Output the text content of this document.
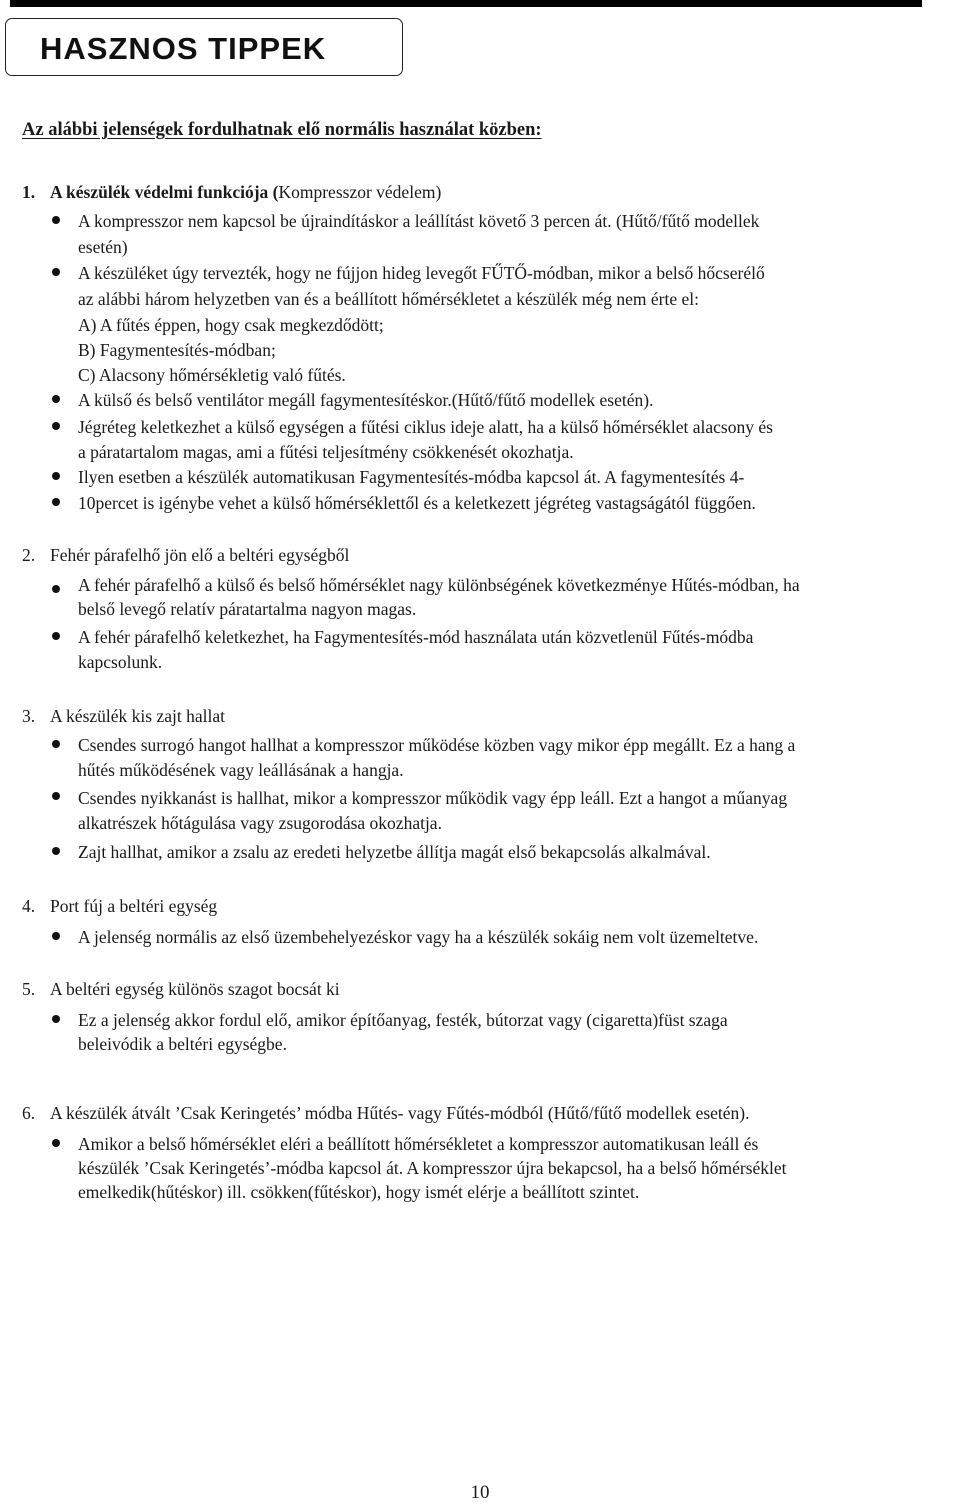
HASZNOS TIPPEK
Az alábbi jelenségek fordulhatnak elő normális használat közben:
1. A készülék védelmi funkciója (Kompresszor védelem)
A kompresszor nem kapcsol be újraindításkor a leállítást követő 3 percen át. (Hűtő/fűtő modellek
esetén)
A készüléket úgy tervezték, hogy ne fújjon hideg levegőt FŰTŐ-módban, mikor a belső hőcserélő
az alábbi három helyzetben van és a beállított hőmérsékletet a készülék még nem érte el:
A) A fűtés éppen, hogy csak megkezdődött;
B) Fagymentesítés-módban;
C) Alacsony hőmérsékletig való fűtés.
A külső és belső ventilátor megáll fagymentesítéskor.(Hűtő/fűtő modellek esetén).
Jégréteg keletkezhet a külső egységen a fűtési ciklus ideje alatt, ha a külső hőmérséklet alacsony és
a páratartalom magas, ami a fűtési teljesítmény csökkenését okozhatja.
Ilyen esetben a készülék automatikusan Fagymentesítés-módba kapcsol át. A fagymentesítés 4-
10percet is igénybe vehet a külső hőmérséklettől és a keletkezett jégréteg vastagságától függően.
2. Fehér párafelhő jön elő a beltéri egységből
A fehér párafelhő a külső és belső hőmérséklet nagy különbségének következménye Hűtés-módban, ha
belső levegő relatív páratartalma nagyon magas.
A fehér párafelhő keletkezhet, ha Fagymentesítés-mód használata után közvetlenül Fűtés-módba
kapcsolunk.
3. A készülék kis zajt hallat
Csendes surrogó hangot hallhat a kompresszor működése közben vagy mikor épp megállt. Ez a hang a
hűtés működésének vagy leállásának a hangja.
Csendes nyikkanást is hallhat, mikor a kompresszor működik vagy épp leáll. Ezt a hangot a műanyag
alkatrészek hőtágulása vagy zsugorodása okozhatja.
Zajt hallhat, amikor a zsalu az eredeti helyzetbe állítja magát első bekapcsolás alkalmával.
4. Port fúj a beltéri egység
A jelenség normális az első üzembehelyezéskor vagy ha a készülék sokáig nem volt üzemeltetve.
5. A beltéri egység különös szagot bocsát ki
Ez a jelenség akkor fordul elő, amikor építőanyag, festék, bútorzat vagy (cigaretta)füst szaga
beleivódik a beltéri egységbe.
6. A készülék átvált ’Csak Keringetés’ módba Hűtés- vagy Fűtés-módból (Hűtő/fűtő modellek esetén).
Amikor a belső hőmérséklet eléri a beállított hőmérsékletet a kompresszor automatikusan leáll és
készülék ’Csak Keringetés’-módba kapcsol át. A kompresszor újra bekapcsol, ha a belső hőmérséklet
emelkedik(hűtéskor) ill. csökken(fűtéskor), hogy ismét elérje a beállított szintet.
10
